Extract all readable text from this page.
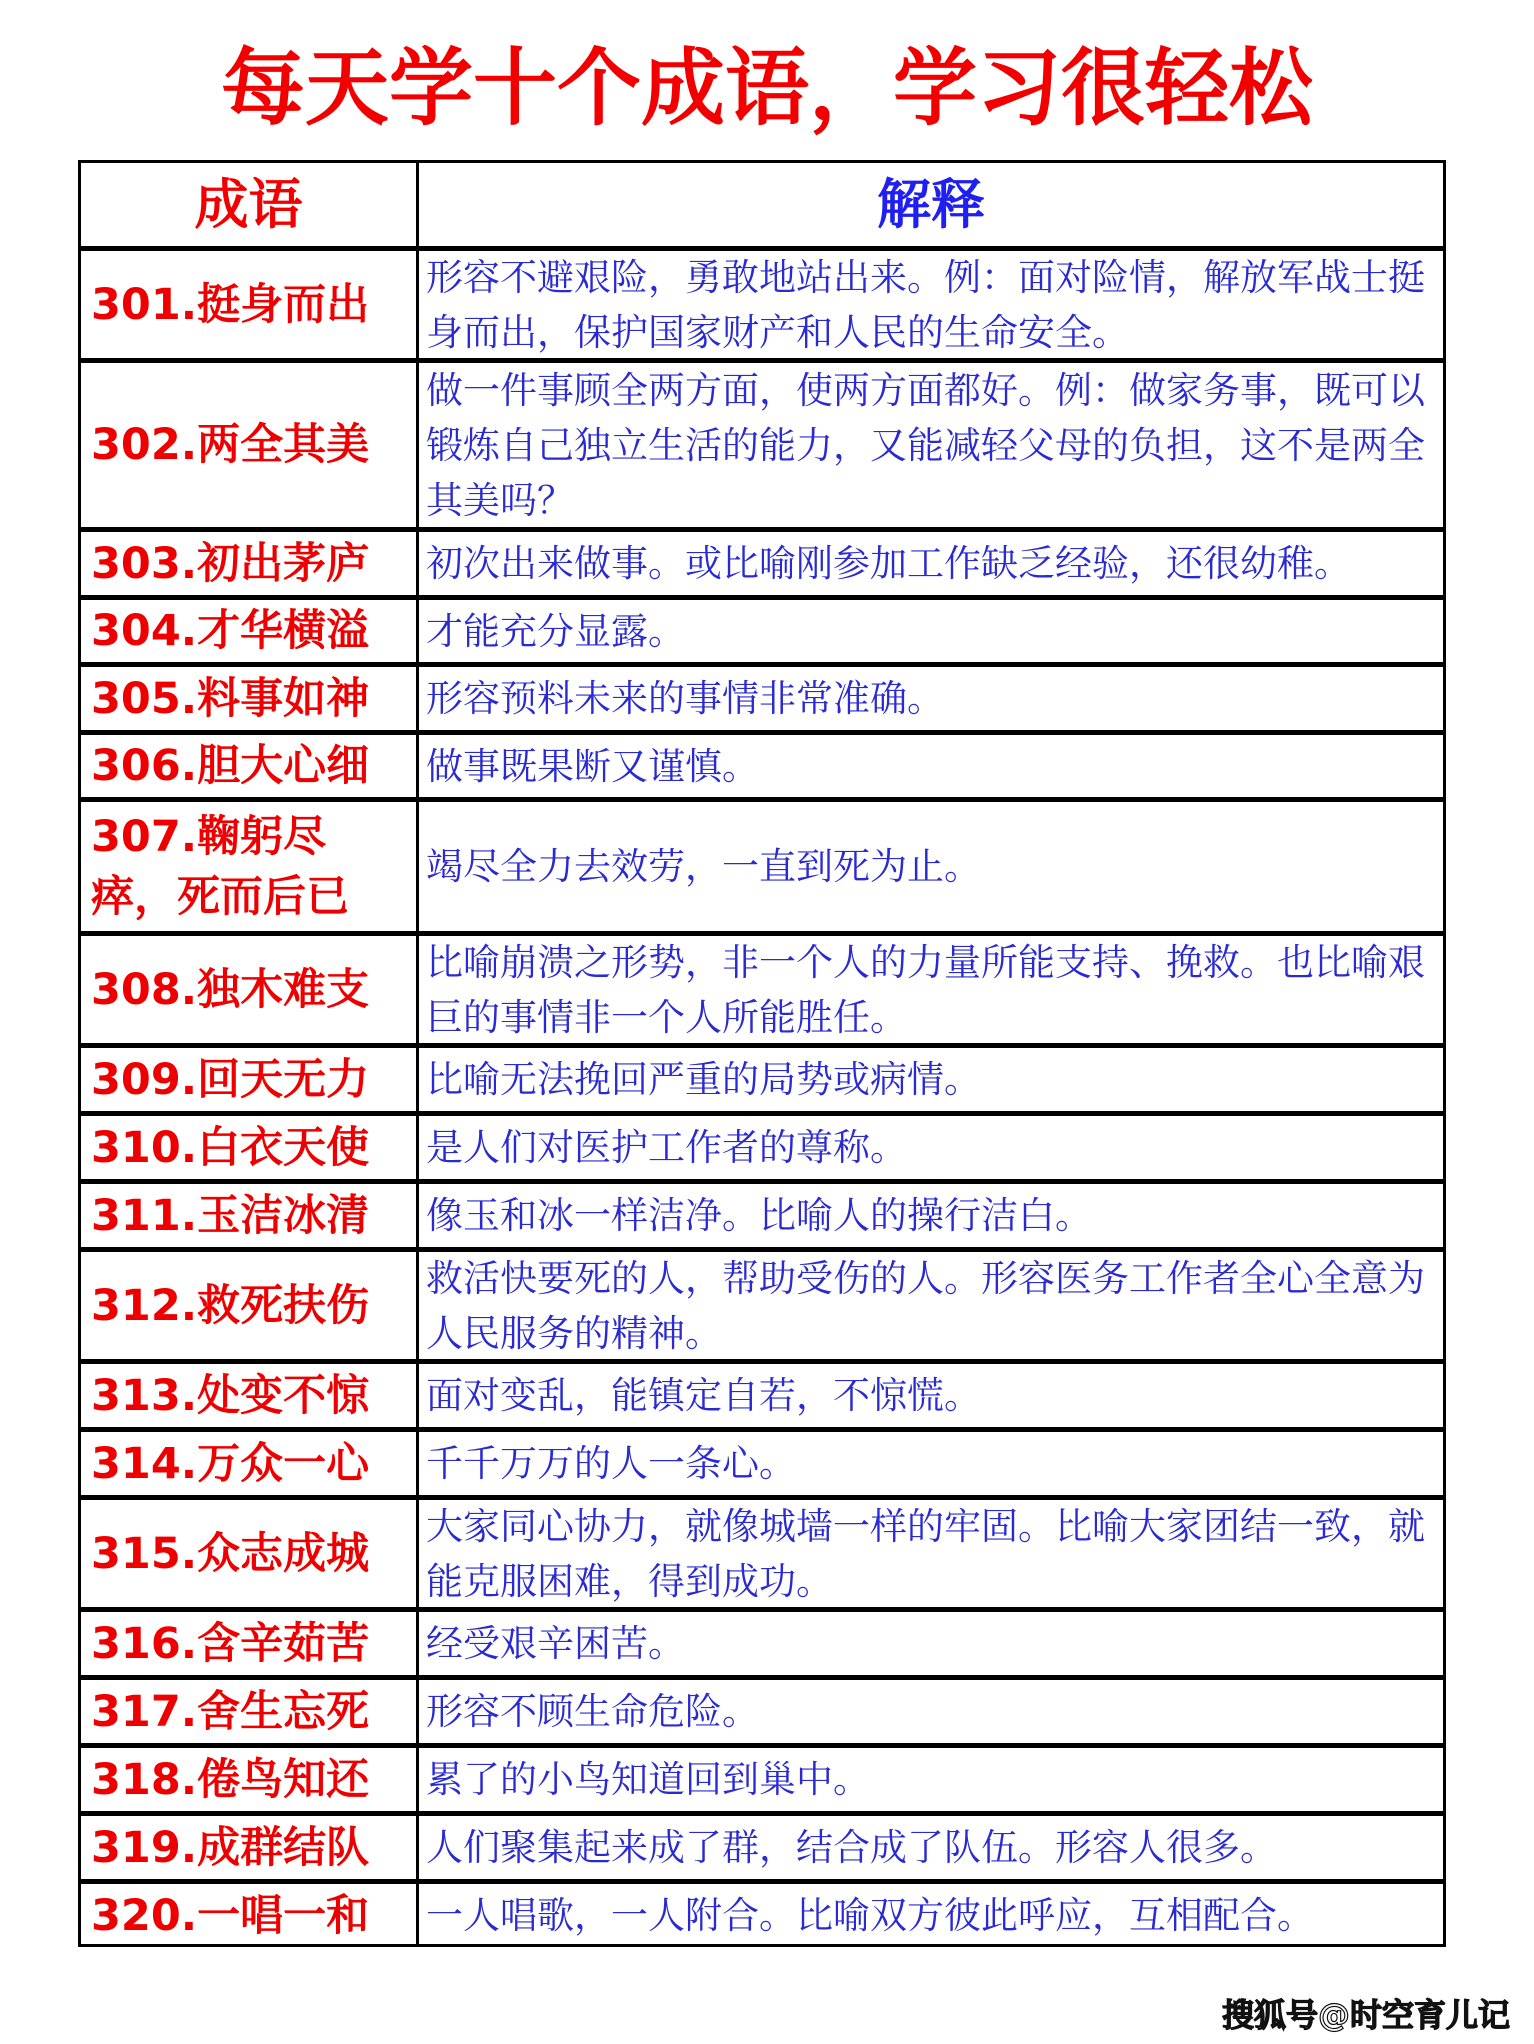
每天学十个成语，学习很轻松
成语	解释
301.挺身而出
形容不避艰险，勇敢地站出来。例：面对险情，解放军战士挺身而出，保护国家财产和人民的生命安全。
302.两全其美
做一件事顾全两方面，使两方面都好。例：做家务事，既可以锻炼自己独立生活的能力，又能减轻父母的负担，这不是两全其美吗？
303.初出茅庐	初次出来做事。或比喻刚参加工作缺乏经验，还很幼稚。
304.才华横溢	才能充分显露。
305.料事如神	形容预料未来的事情非常准确。
306.胆大心细	做事既果断又谨慎。
307.鞠躬尽瘁，死而后已
竭尽全力去效劳，一直到死为止。
308.独木难支
比喻崩溃之形势，非一个人的力量所能支持、挽救。也比喻艰巨的事情非一个人所能胜任。
309.回天无力	比喻无法挽回严重的局势或病情。
310.白衣天使	是人们对医护工作者的尊称。
311.玉洁冰清	像玉和冰一样洁净。比喻人的操行洁白。
312.救死扶伤
救活快要死的人，帮助受伤的人。形容医务工作者全心全意为人民服务的精神。
313.处变不惊	面对变乱，能镇定自若，不惊慌。
314.万众一心	千千万万的人一条心。
315.众志成城
大家同心协力，就像城墙一样的牢固。比喻大家团结一致，就能克服困难，得到成功。
316.含辛茹苦	经受艰辛困苦。
317.舍生忘死	形容不顾生命危险。
318.倦鸟知还	累了的小鸟知道回到巢中。
319.成群结队	人们聚集起来成了群，结合成了队伍。形容人很多。
320.一唱一和	一人唱歌，一人附合。比喻双方彼此呼应，互相配合。
搜狐号@时空育儿记
